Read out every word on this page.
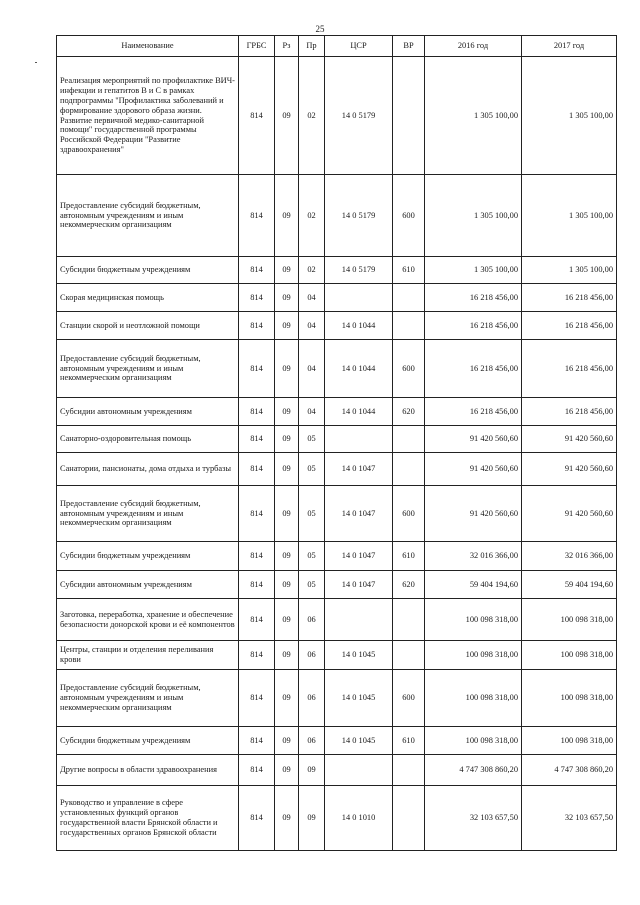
25
Наименование	ГРБС	Рз	Пр	ЦСР	ВР	2016 год	2017 год
Реализация мероприятий по профилактике ВИЧ-инфекции и гепатитов B и C в рамках подпрограммы "Профилактика заболеваний и формирование здорового образа жизни. Развитие первичной медико-санитарной помощи" государственной программы Российской Федерации "Развитие здравоохранения"	814	09	02	14 0 5179		1 305 100,00	1 305 100,00
Предоставление субсидий бюджетным, автономным учреждениям и иным некоммерческим организациям	814	09	02	14 0 5179	600	1 305 100,00	1 305 100,00
Субсидии бюджетным учреждениям	814	09	02	14 0 5179	610	1 305 100,00	1 305 100,00
Скорая медицинская помощь	814	09	04			16 218 456,00	16 218 456,00
Станции скорой и неотложной помощи	814	09	04	14 0 1044		16 218 456,00	16 218 456,00
Предоставление субсидий бюджетным, автономным учреждениям и иным некоммерческим организациям	814	09	04	14 0 1044	600	16 218 456,00	16 218 456,00
Субсидии автономным учреждениям	814	09	04	14 0 1044	620	16 218 456,00	16 218 456,00
Санаторно-оздоровительная помощь	814	09	05			91 420 560,60	91 420 560,60
Санатории, пансионаты, дома отдыха и турбазы	814	09	05	14 0 1047		91 420 560,60	91 420 560,60
Предоставление субсидий бюджетным, автономным учреждениям и иным некоммерческим организациям	814	09	05	14 0 1047	600	91 420 560,60	91 420 560,60
Субсидии бюджетным учреждениям	814	09	05	14 0 1047	610	32 016 366,00	32 016 366,00
Субсидии автономным учреждениям	814	09	05	14 0 1047	620	59 404 194,60	59 404 194,60
Заготовка, переработка, хранение и обеспечение безопасности донорской крови и её компонентов	814	09	06			100 098 318,00	100 098 318,00
Центры, станции и отделения переливания крови	814	09	06	14 0 1045		100 098 318,00	100 098 318,00
Предоставление субсидий бюджетным, автономным учреждениям и иным некоммерческим организациям	814	09	06	14 0 1045	600	100 098 318,00	100 098 318,00
Субсидии бюджетным учреждениям	814	09	06	14 0 1045	610	100 098 318,00	100 098 318,00
Другие вопросы в области здравоохранения	814	09	09			4 747 308 860,20	4 747 308 860,20
Руководство и управление в сфере установленных функций органов государственной власти Брянской области и государственных органов Брянской области	814	09	09	14 0 1010		32 103 657,50	32 103 657,50
